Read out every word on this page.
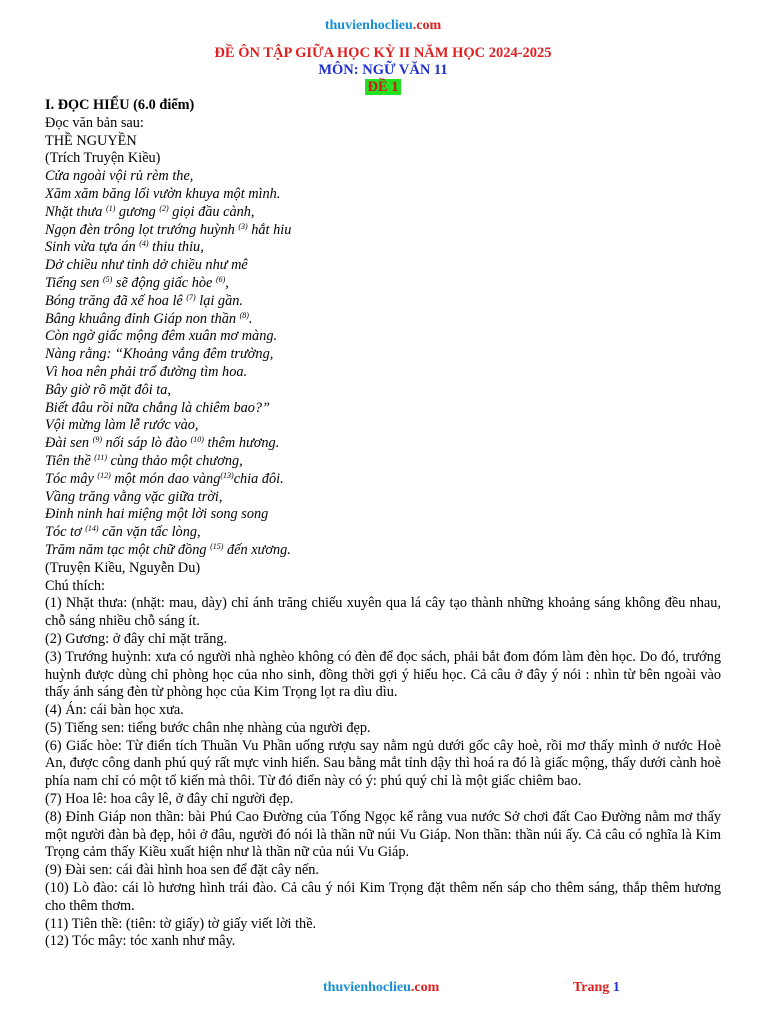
thuvienhoclieu.com
ĐỀ ÔN TẬP GIỮA HỌC KỲ II NĂM HỌC 2024-2025
MÔN: NGỮ VĂN 11
ĐỀ 1

I. ĐỌC HIỂU (6.0 điểm)

Đọc văn bản sau:

THỀ NGUYỀN

(Trích Truyện Kiều)

Cửa ngoài vội rủ rèm the,

Xăm xăm băng lối vườn khuya một mình.

Nhặt thưa $^{(1)}$ gương $^{(2)}$ giọi đầu cành,

Ngọn đèn trông lọt trướng huỳnh $^{(3)}$ hắt hiu

Sinh vừa tựa án $^{(4)}$ thiu thiu,

Dở chiều như tỉnh dở chiều như mê

Tiếng sen $^{(5)}$ sẽ động giấc hòe $^{(6)}$,

Bóng trăng đã xế hoa lê $^{(7)}$ lại gần.

Bâng khuâng đỉnh Giáp non thần $^{(8)}$.

Còn ngờ giấc mộng đêm xuân mơ màng.

Nàng rằng: “Khoảng vắng đêm trường,

Vì hoa nên phải trổ đường tìm hoa.

Bây giờ rõ mặt đôi ta,

Biết đâu rồi nữa chẳng là chiêm bao?”

Vội mừng làm lễ rước vào,

Đài sen $^{(9)}$ nối sáp lò đào $^{(10)}$ thêm hương.

Tiên thề $^{(11)}$ cùng thảo một chương,

Tóc mây $^{(12)}$ một món dao vàng$^{(13)}$chia đôi.

Vầng trăng vằng vặc giữa trời,

Đinh ninh hai miệng một lời song song

Tóc tơ $^{(14)}$ căn vặn tấc lòng,

Trăm năm tạc một chữ đồng $^{(15)}$ đến xương.

(Truyện Kiều, Nguyễn Du)

Chú thích:

(1) Nhặt thưa: (nhặt: mau, dày) chỉ ánh trăng chiếu xuyên qua lá cây tạo thành những khoảng sáng không đều nhau, chỗ sáng nhiều chỗ sáng ít.

(2) Gương: ở đây chỉ mặt trăng.

(3) Trướng huỳnh: xưa có người nhà nghèo không có đèn để đọc sách, phải bắt đom đóm làm đèn học. Do đó, trướng huỳnh được dùng chỉ phòng học của nho sinh, đồng thời gợi ý hiếu học. Cả câu ở đây ý nói : nhìn từ bên ngoài vào thấy ánh sáng đèn từ phòng học của Kim Trọng lọt ra dìu dìu.

(4) Án: cái bàn học xưa.

(5) Tiếng sen: tiếng bước chân nhẹ nhàng của người đẹp.

(6) Giấc hòe: Từ điển tích Thuần Vu Phần uống rượu say nằm ngủ dưới gốc cây hoè, rồi mơ thấy mình ở nước Hoè An, được công danh phú quý rất mực vinh hiển. Sau bằng mắt tỉnh dậy thì hoá ra đó là giấc mộng, thấy dưới cành hoè phía nam chỉ có một tổ kiến mà thôi. Từ đó điển này có ý: phú quý chỉ là một giấc chiêm bao.

(7) Hoa lê: hoa cây lê, ở đây chỉ người đẹp.

(8) Đỉnh Giáp non thần: bài Phú Cao Đường của Tống Ngọc kể rằng vua nước Sở chơi đất Cao Đường nằm mơ thấy một người đàn bà đẹp, hỏi ở đâu, người đó nói là thần nữ núi Vu Giáp. Non thần: thần núi ấy. Cả câu có nghĩa là Kim Trọng cảm thấy Kiều xuất hiện như là thần nữ của núi Vu Giáp.

(9) Đài sen: cái đài hình hoa sen để đặt cây nến.

(10) Lò đào: cái lò hương hình trái đào. Cả câu ý nói Kim Trọng đặt thêm nến sáp cho thêm sáng, thắp thêm hương cho thêm thơm.

(11) Tiên thề: (tiên: tờ giấy) tờ giấy viết lời thề.

(12) Tóc mây: tóc xanh như mây.

thuvienhoclieu.com	Trang 1
